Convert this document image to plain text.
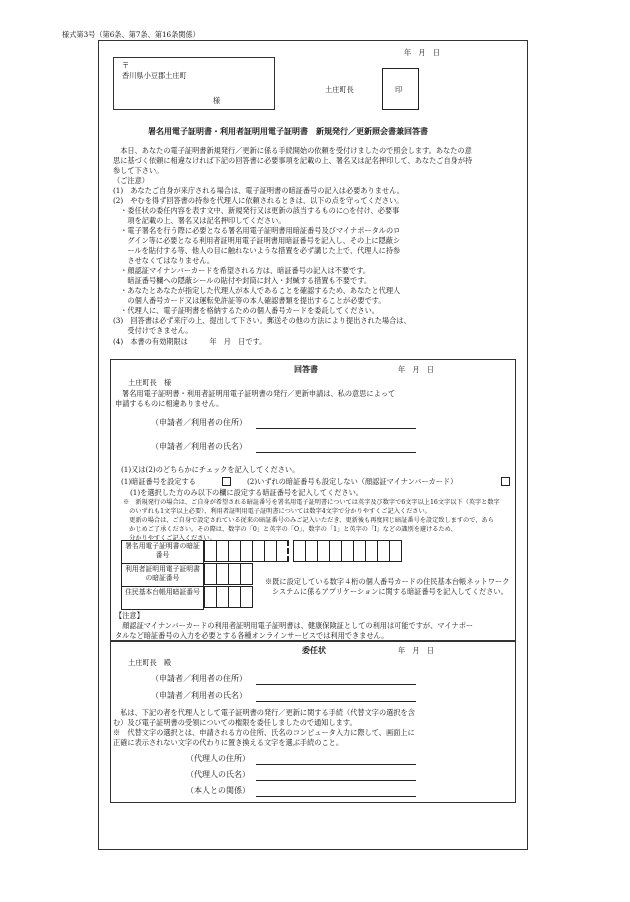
様式第3号（第6条、第7条、第16条関係）
年　月　日
〒
香川県小豆郡土庄町
様
土庄町長	印
署名用電子証明書・利用者証明用電子証明書　新規発行／更新照会書兼回答書
　本日、あなたの電子証明書新規発行／更新に係る手続開始の依頼を受付けましたので照会します。あなたの意
思に基づく依頼に相違なければ下記の回答書に必要事項を記載の上、署名又は記名押印して、あなたご自身が持
参して下さい。
（ご注意）
(1)　あなたご自身が来庁される場合は、電子証明書の暗証番号の記入は必要ありません。
(2)　やむを得ず回答書の持参を代理人に依頼されるときは、以下の点を守ってください。
　・委任状の委任内容を表す文中、新規発行又は更新の該当するものに○を付け、必要事
　　項を記載の上、署名又は記名押印してください。
　・電子署名を行う際に必要となる署名用電子証明書用暗証番号及びマイナポータルのロ
　　グイン等に必要となる利用者証明用電子証明書用暗証番号を記入し、その上に隠蔽シ
　　ールを貼付する等、他人の目に触れないような措置を必ず講じた上で、代理人に持参
　　させなくてはなりません。
　・顔認証マイナンバーカードを希望される方は、暗証番号の記入は不要です。
　　暗証番号欄への隠蔽シールの貼付や封筒に封入・封緘する措置も不要です。
　・あなたとあなたが指定した代理人が本人であることを確認するため、あなたと代理人
　　の個人番号カード又は運転免許証等の本人確認書類を提出することが必要です。
　・代理人に、電子証明書を格納するための個人番号カードを委託してください。
(3)　回答書は必ず来庁の上、提出して下さい。郵送その他の方法により提出された場合は、
　　受付けできません。
(4)　本書の有効期限は　　　年　月　日です。
回答書	年　月　日
土庄町長　様
署名用電子証明書・利用者証明用電子証明書の発行／更新申請は、私の意思によって
申請するものに相違ありません。
（申請者／利用者の住所）
（申請者／利用者の氏名）
(1)又は(2)のどちらかにチェックを記入してください。
(1)暗証番号を設定する	(2)いずれの暗証番号も設定しない（顔認証マイナンバーカード）
(1)を選択した方のみ以下の欄に設定する暗証番号を記入してください。
※　新規発行の場合は、ご自身が希望される暗証番号を署名用電子証明書については英字及び数字で6文字以上16文字以下（英字と数字
　のいずれも1文字以上必要）、利用者証明用電子証明書については数字4文字で分かりやすくご記入ください。
　更新の場合は、ご自身で設定されている従来の暗証番号のみご記入いただき、更新後も再度同じ暗証番号を設定致しますので、あら
　かじめご了承ください。その際は、数字の「0」と英字の「O」、数字の「1」と英字の「I」などの識別を避けるため、
　分かりやすくご記入ください。
署名用電子証明書の暗証番号
利用者証明用電子証明書の暗証番号
住民基本台帳用暗証番号
※既に設定している数字４桁の個人番号カードの住民基本台帳ネットワーク
システムに係るアプリケーションに関する暗証番号を記入してください。
【注意】
　顔認証マイナンバーカードの利用者証明用電子証明書は、健康保険証としての利用は可能ですが、マイナポー
タルなど暗証番号の入力を必要とする各種オンラインサービスでは利用できません。
委任状	年　月　日
土庄町長　殿
（申請者／利用者の住所）
（申請者／利用者の氏名）
　私は、下記の者を代理人として電子証明書の発行／更新に関する手続（代替文字の選択を含
む）及び電子証明書の受領についての権限を委任しましたので通知します。
※　代替文字の選択とは、申請される方の住所、氏名のコンピュータ入力に際して、画面上に
正確に表示されない文字の代わりに置き換える文字を選ぶ手続のこと。
（代理人の住所）
（代理人の氏名）
（本人との関係）
